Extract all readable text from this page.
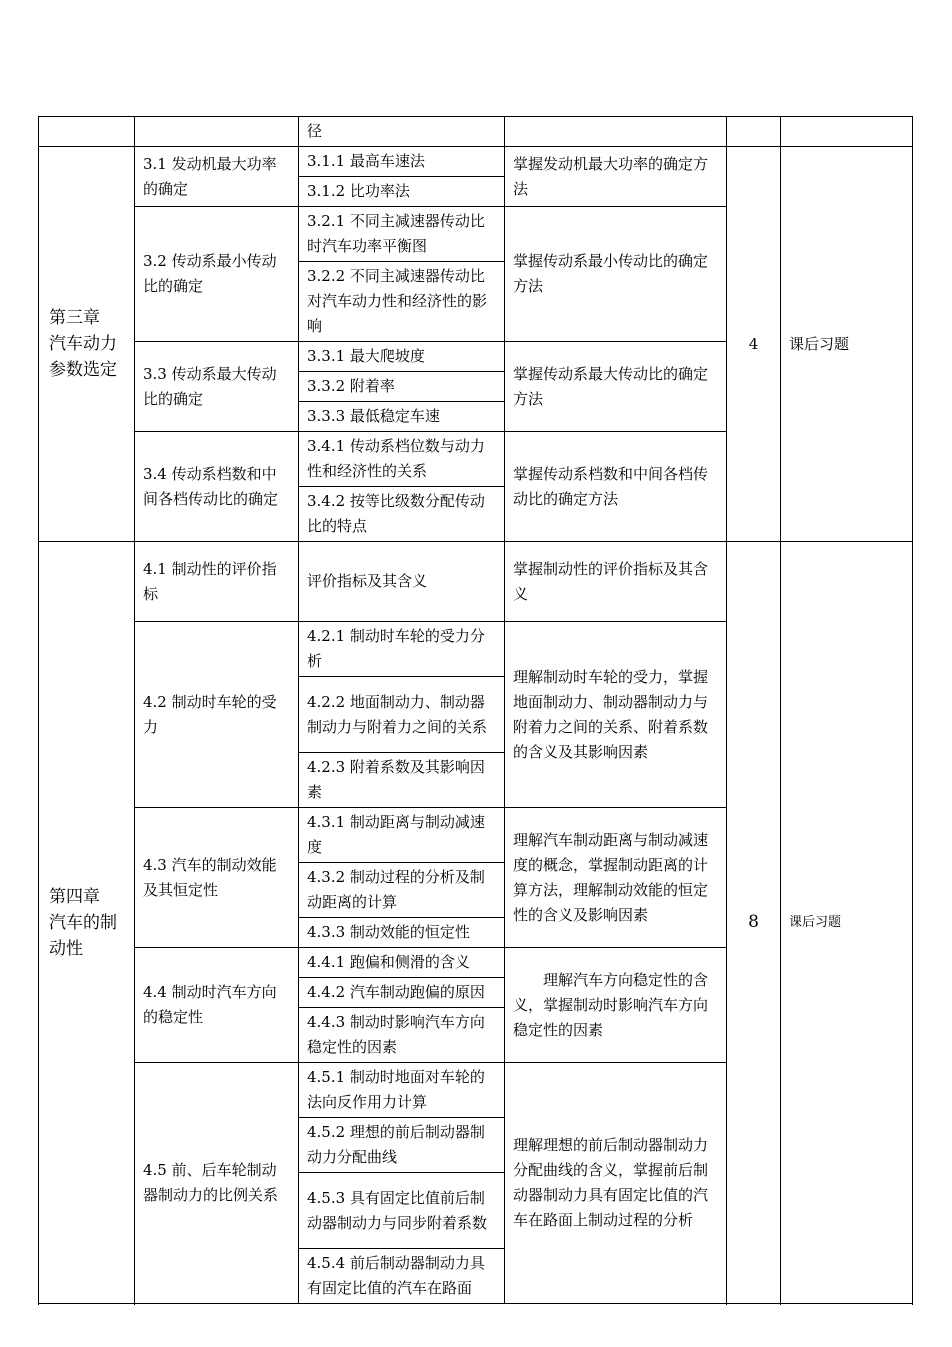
		径			
第三章
汽车动力参数选定	3.1 发动机最大功率的确定	3.1.1 最高车速法	掌握发动机最大功率的确定方法	4	课后习题
		3.1.2 比功率法			
	3.2 传动系最小传动比的确定	3.2.1 不同主减速器传动比时汽车功率平衡图	掌握传动系最小传动比的确定方法		
		3.2.2 不同主减速器传动比对汽车动力性和经济性的影响			
	3.3 传动系最大传动比的确定	3.3.1 最大爬坡度	掌握传动系最大传动比的确定方法		
		3.3.2 附着率			
		3.3.3 最低稳定车速			
	3.4 传动系档数和中间各档传动比的确定	3.4.1 传动系档位数与动力性和经济性的关系	掌握传动系档数和中间各档传动比的确定方法		
		3.4.2 按等比级数分配传动比的特点			

第四章
汽车的制动性	4.1 制动性的评价指标	评价指标及其含义	掌握制动性的评价指标及其含义	8	课后习题
	4.2 制动时车轮的受力	4.2.1 制动时车轮的受力分析	理解制动时车轮的受力，掌握地面制动力、制动器制动力与附着力之间的关系、附着系数的含义及其影响因素		
		4.2.2 地面制动力、制动器制动力与附着力之间的关系			
		4.2.3 附着系数及其影响因素			
	4.3 汽车的制动效能及其恒定性	4.3.1 制动距离与制动减速度	理解汽车制动距离与制动减速度的概念，掌握制动距离的计算方法，理解制动效能的恒定性的含义及影响因素		
		4.3.2 制动过程的分析及制动距离的计算			
		4.3.3 制动效能的恒定性			
	4.4 制动时汽车方向的稳定性	4.4.1 跑偏和侧滑的含义	理解汽车方向稳定性的含义，掌握制动时影响汽车方向稳定性的因素		
		4.4.2 汽车制动跑偏的原因			
		4.4.3 制动时影响汽车方向稳定性的因素			
	4.5 前、后车轮制动器制动力的比例关系	4.5.1 制动时地面对车轮的法向反作用力计算	理解理想的前后制动器制动力分配曲线的含义，掌握前后制动器制动力具有固定比值的汽车在路面上制动过程的分析		
		4.5.2 理想的前后制动器制动力分配曲线			
		4.5.3 具有固定比值前后制动器制动力与同步附着系数			
		4.5.4 前后制动器制动力具有固定比值的汽车在路面			
